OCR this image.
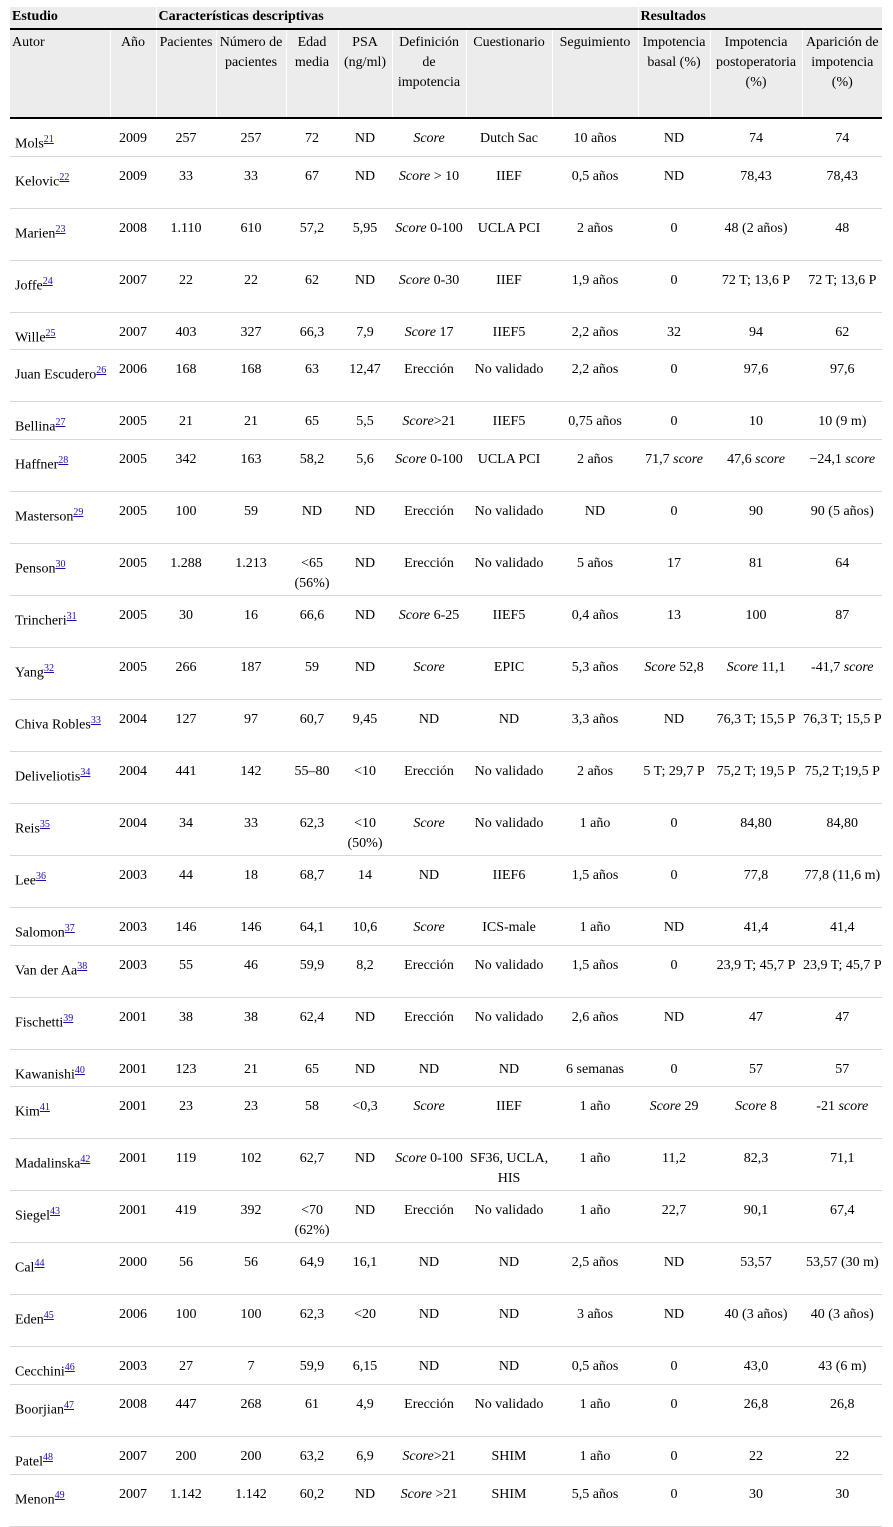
Estudio		Características descriptivas							Resultados		
Autor	Año	Pacientes	Número de pacientes	Edad media	PSA (ng/ml)	Definición de impotencia	Cuestionario	Seguimiento	Impotencia basal (%)	Impotencia postoperatoria (%)	Aparición de impotencia (%)
Mols$^{21}$	2009	257	257	72	ND	Score	Dutch Sac	10 años	ND	74	74
Kelovic$^{22}$	2009	33	33	67	ND	Score > 10	IIEF	0,5 años	ND	78,43	78,43
Marien$^{23}$	2008	1.110	610	57,2	5,95	Score 0-100	UCLA PCI	2 años	0	48 (2 años)	48
Joffe$^{24}$	2007	22	22	62	ND	Score 0-30	IIEF	1,9 años	0	72 T; 13,6 P	72 T; 13,6 P
Wille$^{25}$	2007	403	327	66,3	7,9	Score 17	IIEF5	2,2 años	32	94	62
Juan Escudero$^{26}$	2006	168	168	63	12,47	Erección	No validado	2,2 años	0	97,6	97,6
Bellina$^{27}$	2005	21	21	65	5,5	Score>21	IIEF5	0,75 años	0	10	10 (9 m)
Haffner$^{28}$	2005	342	163	58,2	5,6	Score 0-100	UCLA PCI	2 años	71,7 score	47,6 score	−24,1 score
Masterson$^{29}$	2005	100	59	ND	ND	Erección	No validado	ND	0	90	90 (5 años)
Penson$^{30}$	2005	1.288	1.213	<65 (56%)	ND	Erección	No validado	5 años	17	81	64
Trincheri$^{31}$	2005	30	16	66,6	ND	Score 6-25	IIEF5	0,4 años	13	100	87
Yang$^{32}$	2005	266	187	59	ND	Score	EPIC	5,3 años	Score 52,8	Score 11,1	-41,7 score
Chiva Robles$^{33}$	2004	127	97	60,7	9,45	ND	ND	3,3 años	ND	76,3 T; 15,5 P	76,3 T; 15,5 P
Deliveliotis$^{34}$	2004	441	142	55–80	<10	Erección	No validado	2 años	5 T; 29,7 P	75,2 T; 19,5 P	75,2 T;19,5 P
Reis$^{35}$	2004	34	33	62,3	<10 (50%)	Score	No validado	1 año	0	84,80	84,80
Lee$^{36}$	2003	44	18	68,7	14	ND	IIEF6	1,5 años	0	77,8	77,8 (11,6 m)
Salomon$^{37}$	2003	146	146	64,1	10,6	Score	ICS-male	1 año	ND	41,4	41,4
Van der Aa$^{38}$	2003	55	46	59,9	8,2	Erección	No validado	1,5 años	0	23,9 T; 45,7 P	23,9 T; 45,7 P
Fischetti$^{39}$	2001	38	38	62,4	ND	Erección	No validado	2,6 años	ND	47	47
Kawanishi$^{40}$	2001	123	21	65	ND	ND	ND	6 semanas	0	57	57
Kim$^{41}$	2001	23	23	58	<0,3	Score	IIEF	1 año	Score 29	Score 8	-21 score
Madalinska$^{42}$	2001	119	102	62,7	ND	Score 0-100	SF36, UCLA, HIS	1 año	11,2	82,3	71,1
Siegel$^{43}$	2001	419	392	<70 (62%)	ND	Erección	No validado	1 año	22,7	90,1	67,4
Cal$^{44}$	2000	56	56	64,9	16,1	ND	ND	2,5 años	ND	53,57	53,57 (30 m)
Eden$^{45}$	2006	100	100	62,3	<20	ND	ND	3 años	ND	40 (3 años)	40 (3 años)
Cecchini$^{46}$	2003	27	7	59,9	6,15	ND	ND	0,5 años	0	43,0	43 (6 m)
Boorjian$^{47}$	2008	447	268	61	4,9	Erección	No validado	1 año	0	26,8	26,8
Patel$^{48}$	2007	200	200	63,2	6,9	Score>21	SHIM	1 año	0	22	22
Menon$^{49}$	2007	1.142	1.142	60,2	ND	Score >21	SHIM	5,5 años	0	30	30
